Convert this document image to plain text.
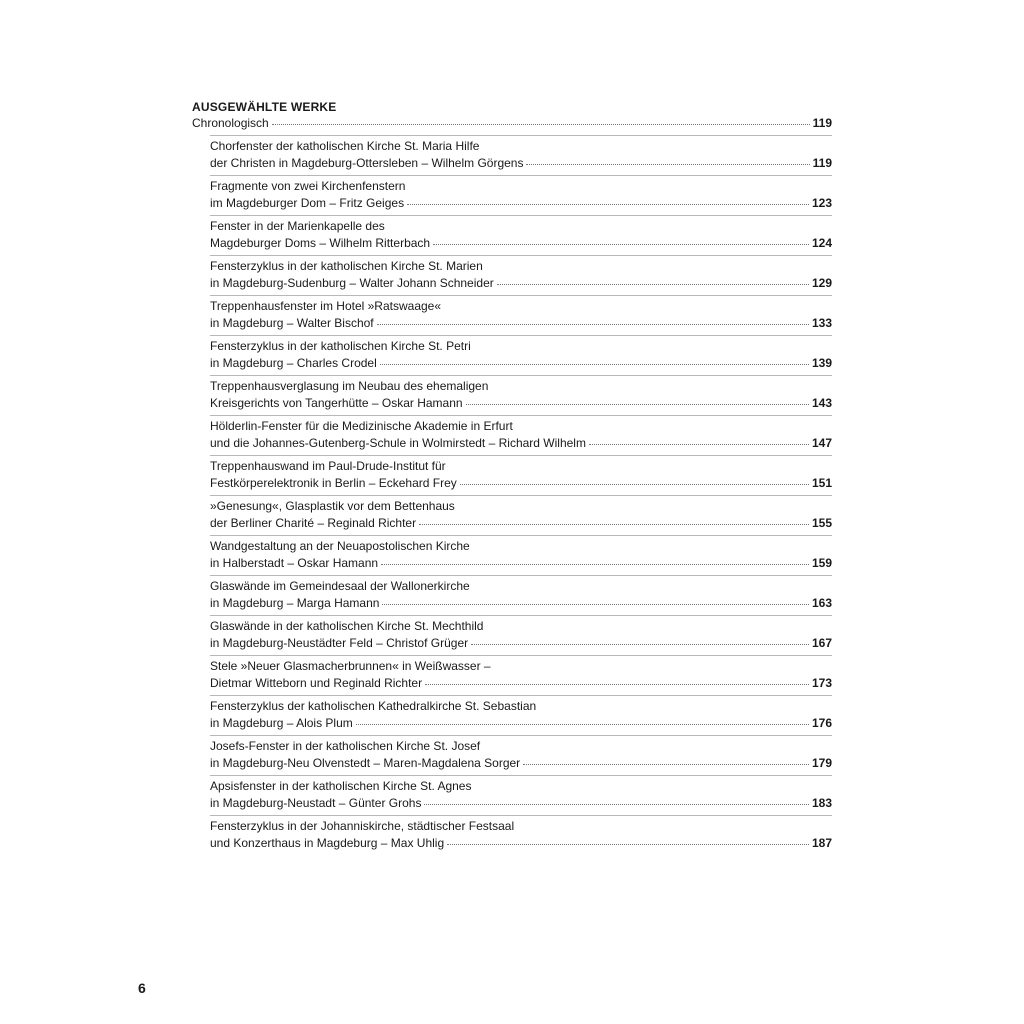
AUSGEWÄHLTE WERKE
Chronologisch	119
Chorfenster der katholischen Kirche St. Maria Hilfe
der Christen in Magdeburg-Ottersleben – Wilhelm Görgens	119
Fragmente von zwei Kirchenfenstern
im Magdeburger Dom – Fritz Geiges	123
Fenster in der Marienkapelle des
Magdeburger Doms – Wilhelm Ritterbach	124
Fensterzyklus in der katholischen Kirche St. Marien
in Magdeburg-Sudenburg – Walter Johann Schneider	129
Treppenhausfenster im Hotel »Ratswaage«
in Magdeburg – Walter Bischof	133
Fensterzyklus in der katholischen Kirche St. Petri
in Magdeburg – Charles Crodel	139
Treppenhausverglasung im Neubau des ehemaligen
Kreisgerichts von Tangerhütte – Oskar Hamann	143
Hölderlin-Fenster für die Medizinische Akademie in Erfurt
und die Johannes-Gutenberg-Schule in Wolmirstedt – Richard Wilhelm	147
Treppenhauswand im Paul-Drude-Institut für
Festkörperelektronik in Berlin – Eckehard Frey	151
»Genesung«, Glasplastik vor dem Bettenhaus
der Berliner Charité – Reginald Richter	155
Wandgestaltung an der Neuapostolischen Kirche
in Halberstadt – Oskar Hamann	159
Glaswände im Gemeindesaal der Wallonerkirche
in Magdeburg – Marga Hamann	163
Glaswände in der katholischen Kirche St. Mechthild
in Magdeburg-Neustädter Feld – Christof Grüger	167
Stele »Neuer Glasmacherbrunnen« in Weißwasser –
Dietmar Witteborn und Reginald Richter	173
Fensterzyklus der katholischen Kathedralkirche St. Sebastian
in Magdeburg – Alois Plum	176
Josefs-Fenster in der katholischen Kirche St. Josef
in Magdeburg-Neu Olvenstedt – Maren-Magdalena Sorger	179
Apsisfenster in der katholischen Kirche St. Agnes
in Magdeburg-Neustadt – Günter Grohs	183
Fensterzyklus in der Johanniskirche, städtischer Festsaal
und Konzerthaus in Magdeburg – Max Uhlig	187
6
